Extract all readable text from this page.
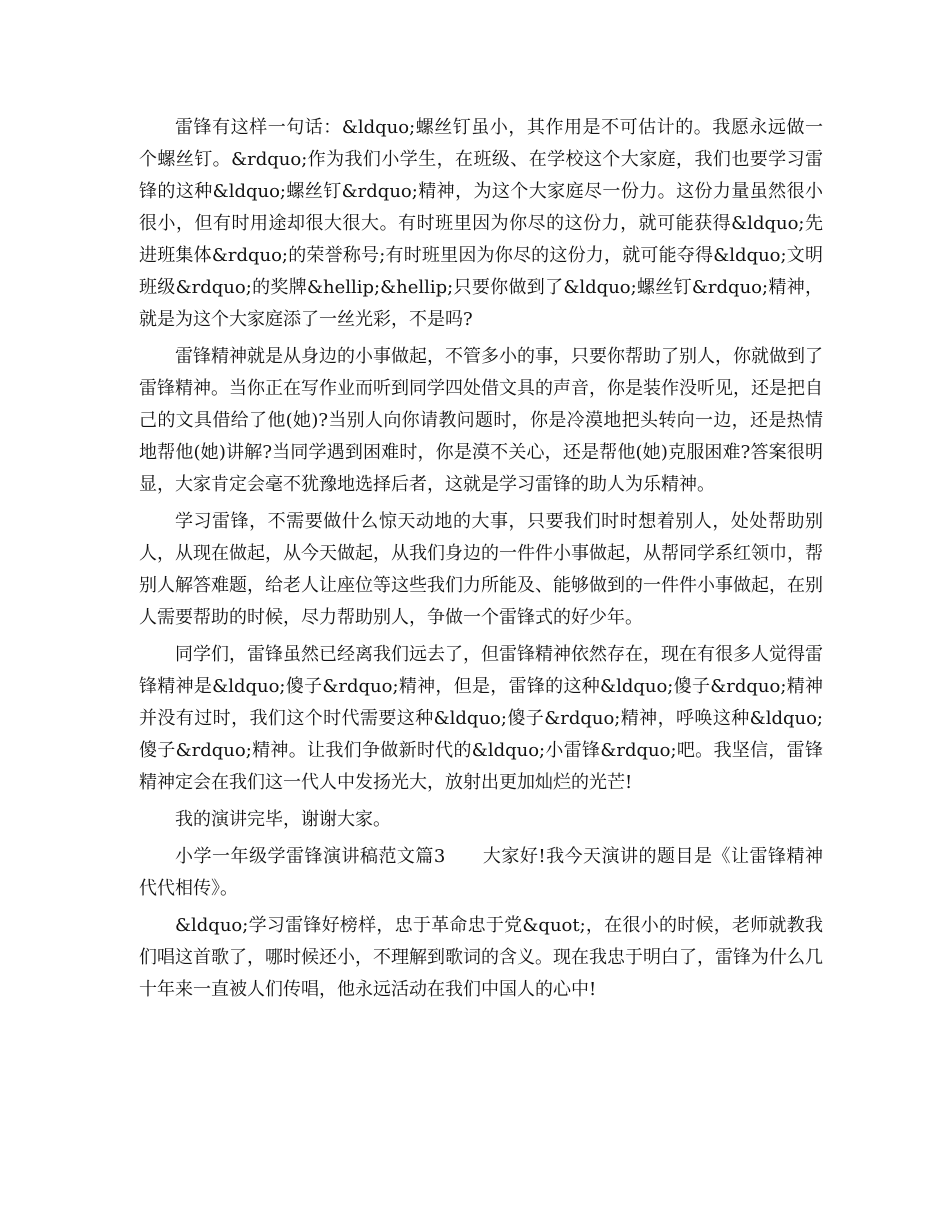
雷锋有这样一句话：&ldquo;螺丝钉虽小，其作用是不可估计的。我愿永远做一个螺丝钉。&rdquo;作为我们小学生，在班级、在学校这个大家庭，我们也要学习雷锋的这种&ldquo;螺丝钉&rdquo;精神，为这个大家庭尽一份力。这份力量虽然很小很小，但有时用途却很大很大。有时班里因为你尽的这份力，就可能获得&ldquo;先进班集体&rdquo;的荣誉称号;有时班里因为你尽的这份力，就可能夺得&ldquo;文明班级&rdquo;的奖牌&hellip;&hellip;只要你做到了&ldquo;螺丝钉&rdquo;精神，就是为这个大家庭添了一丝光彩，不是吗?

雷锋精神就是从身边的小事做起，不管多小的事，只要你帮助了别人，你就做到了雷锋精神。当你正在写作业而听到同学四处借文具的声音，你是装作没听见，还是把自己的文具借给了他(她)?当别人向你请教问题时，你是冷漠地把头转向一边，还是热情地帮他(她)讲解?当同学遇到困难时，你是漠不关心，还是帮他(她)克服困难?答案很明显，大家肯定会毫不犹豫地选择后者，这就是学习雷锋的助人为乐精神。

学习雷锋，不需要做什么惊天动地的大事，只要我们时时想着别人，处处帮助别人，从现在做起，从今天做起，从我们身边的一件件小事做起，从帮同学系红领巾，帮别人解答难题，给老人让座位等这些我们力所能及、能够做到的一件件小事做起，在别人需要帮助的时候，尽力帮助别人，争做一个雷锋式的好少年。

同学们，雷锋虽然已经离我们远去了，但雷锋精神依然存在，现在有很多人觉得雷锋精神是&ldquo;傻子&rdquo;精神，但是，雷锋的这种&ldquo;傻子&rdquo;精神并没有过时，我们这个时代需要这种&ldquo;傻子&rdquo;精神，呼唤这种&ldquo;傻子&rdquo;精神。让我们争做新时代的&ldquo;小雷锋&rdquo;吧。我坚信，雷锋精神定会在我们这一代人中发扬光大，放射出更加灿烂的光芒!

我的演讲完毕，谢谢大家。

小学一年级学雷锋演讲稿范文篇3　　大家好!我今天演讲的题目是《让雷锋精神代代相传》。

&ldquo;学习雷锋好榜样，忠于革命忠于党&quot;，在很小的时候，老师就教我们唱这首歌了，哪时候还小，不理解到歌词的含义。现在我忠于明白了，雷锋为什么几十年来一直被人们传唱，他永远活动在我们中国人的心中!
